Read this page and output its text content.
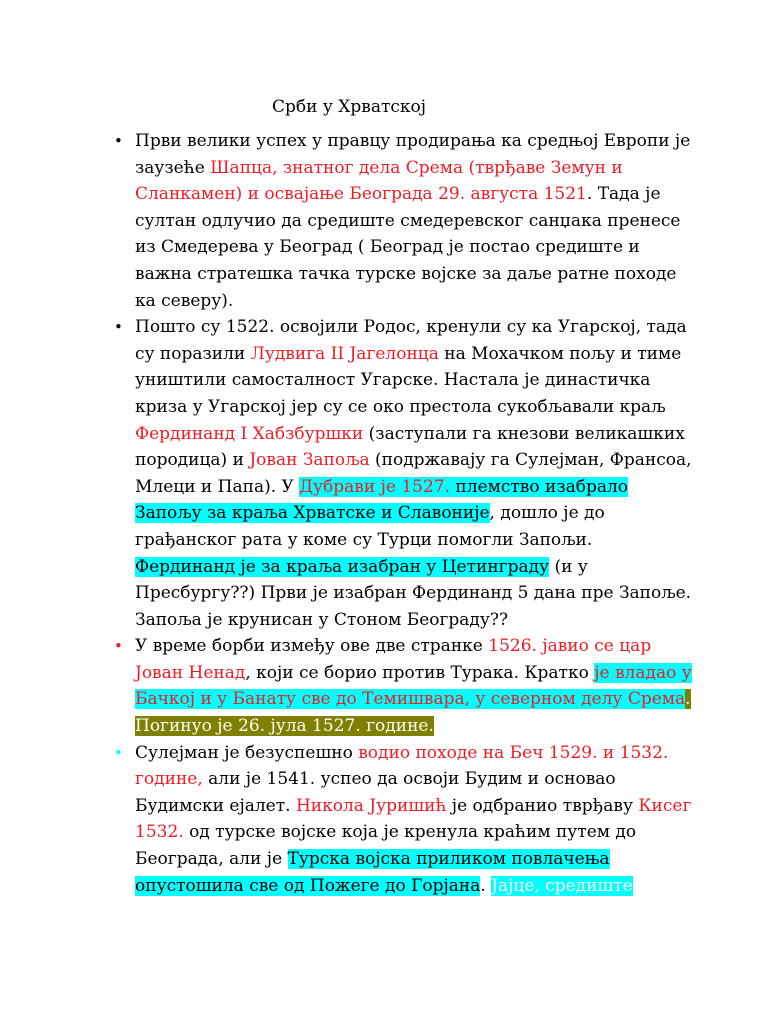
Срби у Хрватској
• Први велики успех у правцу продирања ка средњој Европи је заузеће Шапца, знатног дела Срема (тврђаве Земун и Сланкамен) и освајање Београда 29. августа 1521. Тада је султан одлучио да средиште смедеревског санџака пренесе из Смедерева у Београд ( Београд је постао средиште и важна стратешка тачка турске војске за даље ратне походе ка северу).
• Пошто су 1522. освојили Родос, кренули су ка Угарској, тада су поразили Лудвига II Јагелонца на Мохачком пољу и тиме уништили самосталност Угарске. Настала је династичка криза у Угарској јер су се око престола сукобљавали краљ Фердинанд I Хабзбуршки (заступали га кнезови великашких породица) и Јован Запоља (подржавају га Сулејман, Франсоа, Млеци и Папа). У Дубрави је 1527. племство изабрало Запољу за краља Хрватске и Славоније, дошло је до грађанског рата у коме су Турци помогли Запољи. Фердинанд је за краља изабран у Цетинграду (и у Пресбургу??) Први је изабран Фердинанд 5 дана пре Запоље. Запоља је крунисан у Стоном Београду??
• У време борби између ове две странке 1526. јавио се цар Јован Ненад, који се борио против Турака. Кратко је владао у Бачкој и у Банату све до Темишвара, у северном делу Срема. Погинуо је 26. јула 1527. године.
• Сулејман је безуспешно водио походе на Беч 1529. и 1532. године, али је 1541. успео да освоји Будим и основао Будимски ејалет. Никола Јуришић је одбранио тврђаву Кисег 1532. од турске војске која је кренула краћим путем до Београда, али је Турска војска приликом повлачења опустошила све од Пожеге до Горјана. Јајце, средиште
